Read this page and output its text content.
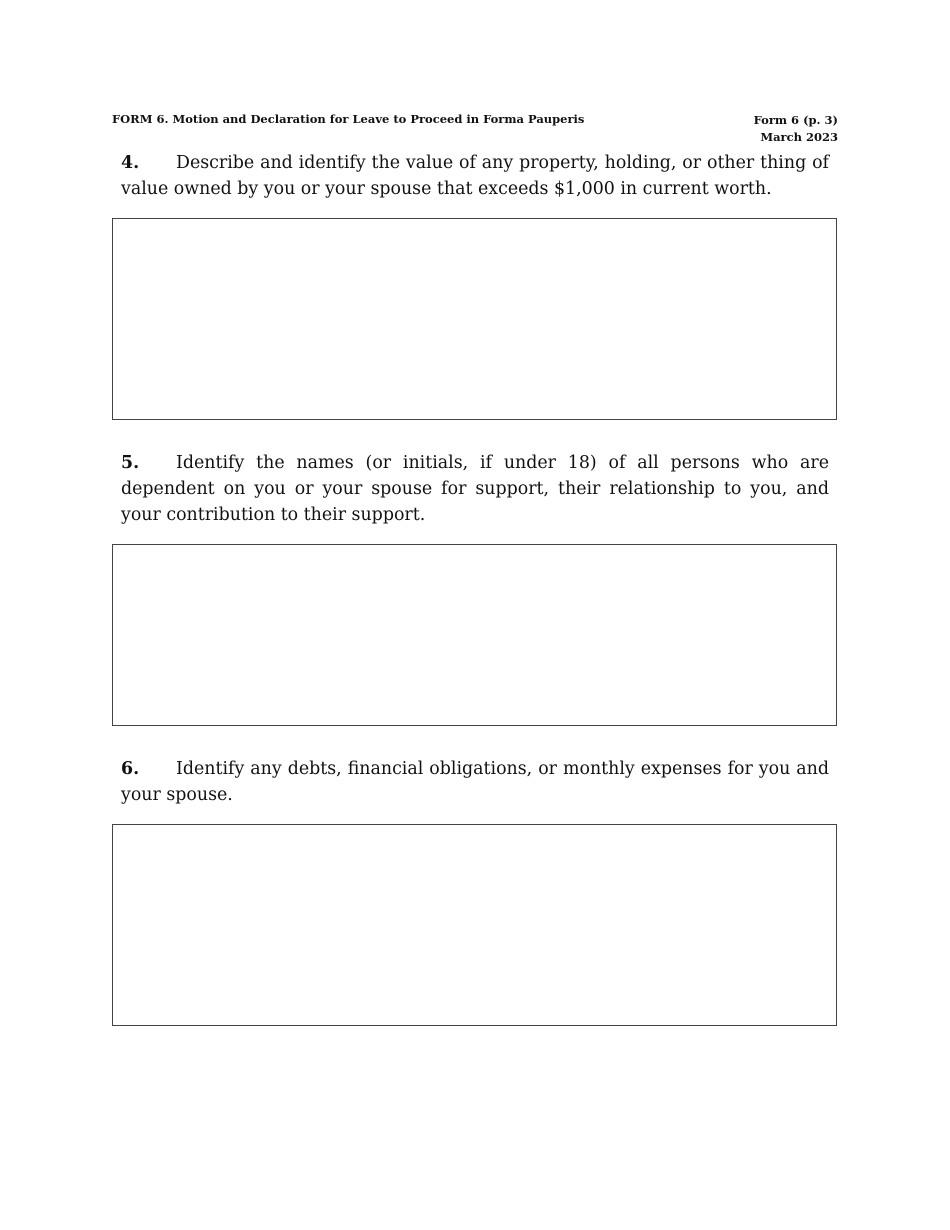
FORM 6. Motion and Declaration for Leave to Proceed in Forma Pauperis	Form 6 (p. 3)
March 2023
4. Describe and identify the value of any property, holding, or other thing of value owned by you or your spouse that exceeds $1,000 in current worth.
5. Identify the names (or initials, if under 18) of all persons who are dependent on you or your spouse for support, their relationship to you, and your contribution to their support.
6. Identify any debts, financial obligations, or monthly expenses for you and your spouse.
